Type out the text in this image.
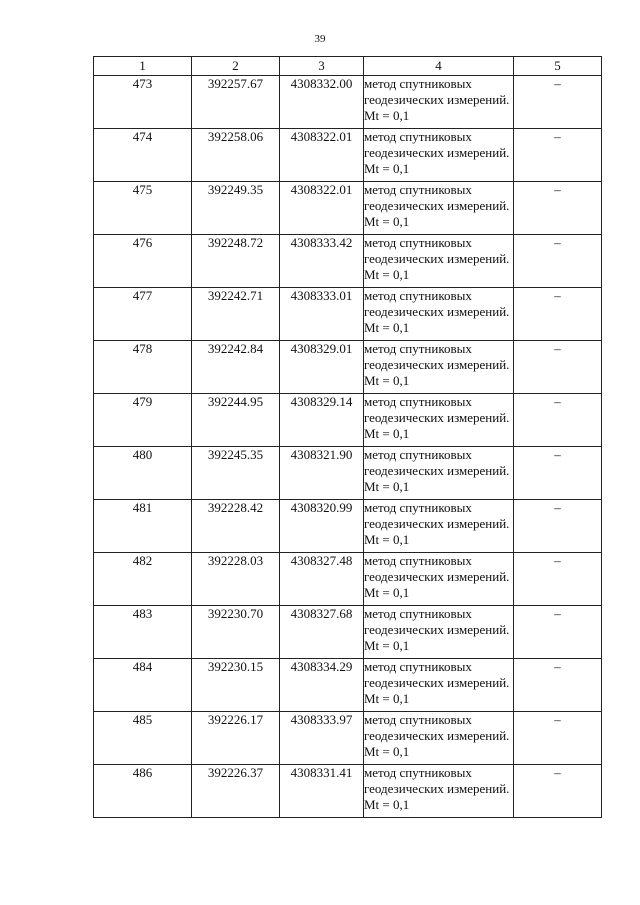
39
1	2	3	4	5
473	392257.67	4308332.00	метод спутниковых геодезических измерений. Mt = 0,1	–
474	392258.06	4308322.01	метод спутниковых геодезических измерений. Mt = 0,1	–
475	392249.35	4308322.01	метод спутниковых геодезических измерений. Mt = 0,1	–
476	392248.72	4308333.42	метод спутниковых геодезических измерений. Mt = 0,1	–
477	392242.71	4308333.01	метод спутниковых геодезических измерений. Mt = 0,1	–
478	392242.84	4308329.01	метод спутниковых геодезических измерений. Mt = 0,1	–
479	392244.95	4308329.14	метод спутниковых геодезических измерений. Mt = 0,1	–
480	392245.35	4308321.90	метод спутниковых геодезических измерений. Mt = 0,1	–
481	392228.42	4308320.99	метод спутниковых геодезических измерений. Mt = 0,1	–
482	392228.03	4308327.48	метод спутниковых геодезических измерений. Mt = 0,1	–
483	392230.70	4308327.68	метод спутниковых геодезических измерений. Mt = 0,1	–
484	392230.15	4308334.29	метод спутниковых геодезических измерений. Mt = 0,1	–
485	392226.17	4308333.97	метод спутниковых геодезических измерений. Mt = 0,1	–
486	392226.37	4308331.41	метод спутниковых геодезических измерений. Mt = 0,1	–
